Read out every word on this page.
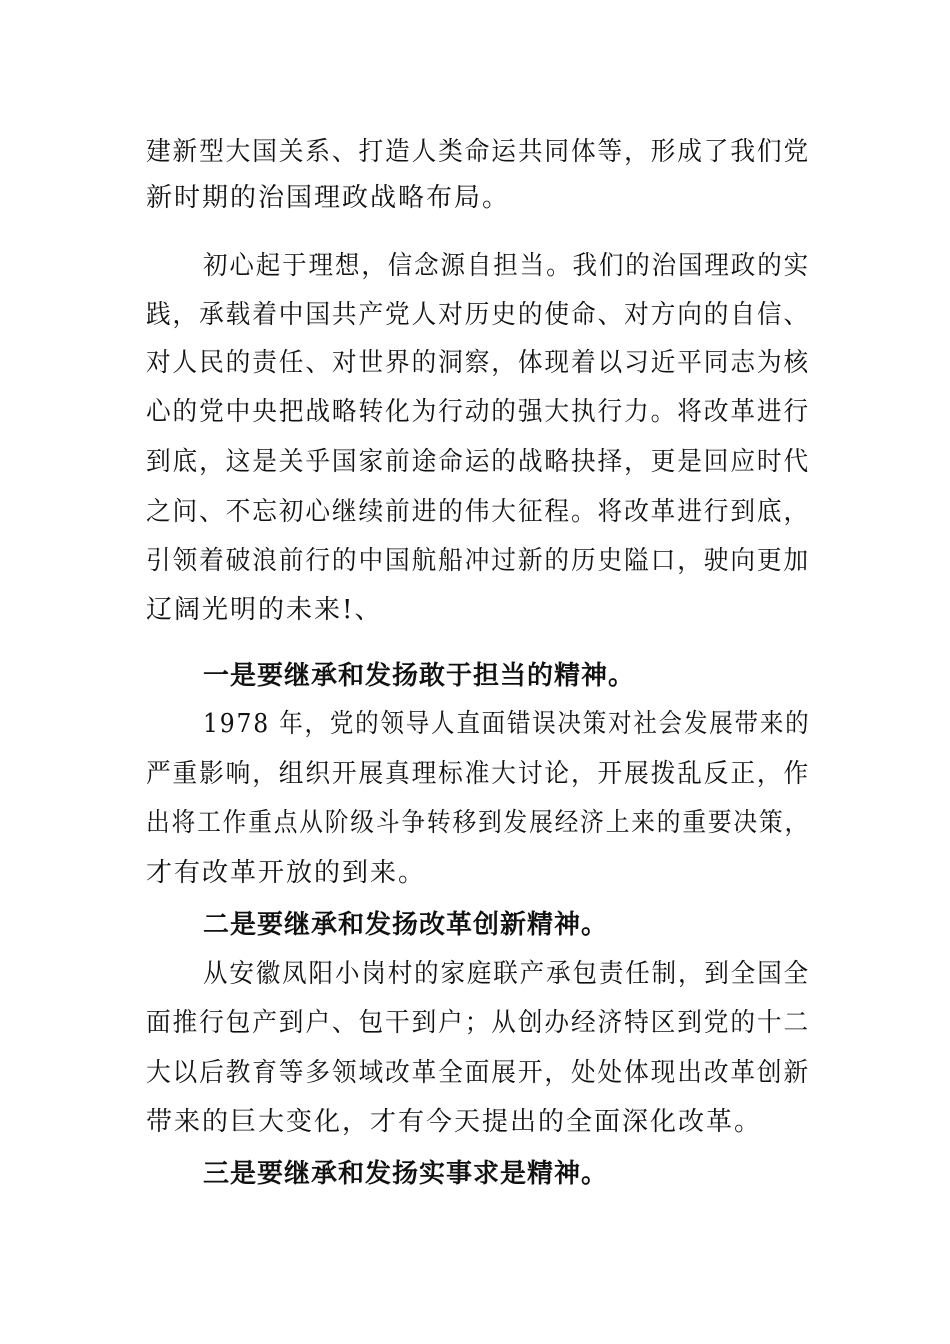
建新型大国关系、打造人类命运共同体等，形成了我们党
新时期的治国理政战略布局。
初心起于理想，信念源自担当。我们的治国理政的实
践，承载着中国共产党人对历史的使命、对方向的自信、
对人民的责任、对世界的洞察，体现着以习近平同志为核
心的党中央把战略转化为行动的强大执行力。将改革进行
到底，这是关乎国家前途命运的战略抉择，更是回应时代
之问、不忘初心继续前进的伟大征程。将改革进行到底，
引领着破浪前行的中国航船冲过新的历史隘口，驶向更加
辽阔光明的未来!、
一是要继承和发扬敢于担当的精神。
1978 年，党的领导人直面错误决策对社会发展带来的
严重影响，组织开展真理标准大讨论，开展拨乱反正，作
出将工作重点从阶级斗争转移到发展经济上来的重要决策，
才有改革开放的到来。
二是要继承和发扬改革创新精神。
从安徽凤阳小岗村的家庭联产承包责任制，到全国全
面推行包产到户、包干到户；从创办经济特区到党的十二
大以后教育等多领域改革全面展开，处处体现出改革创新
带来的巨大变化，才有今天提出的全面深化改革。
三是要继承和发扬实事求是精神。
